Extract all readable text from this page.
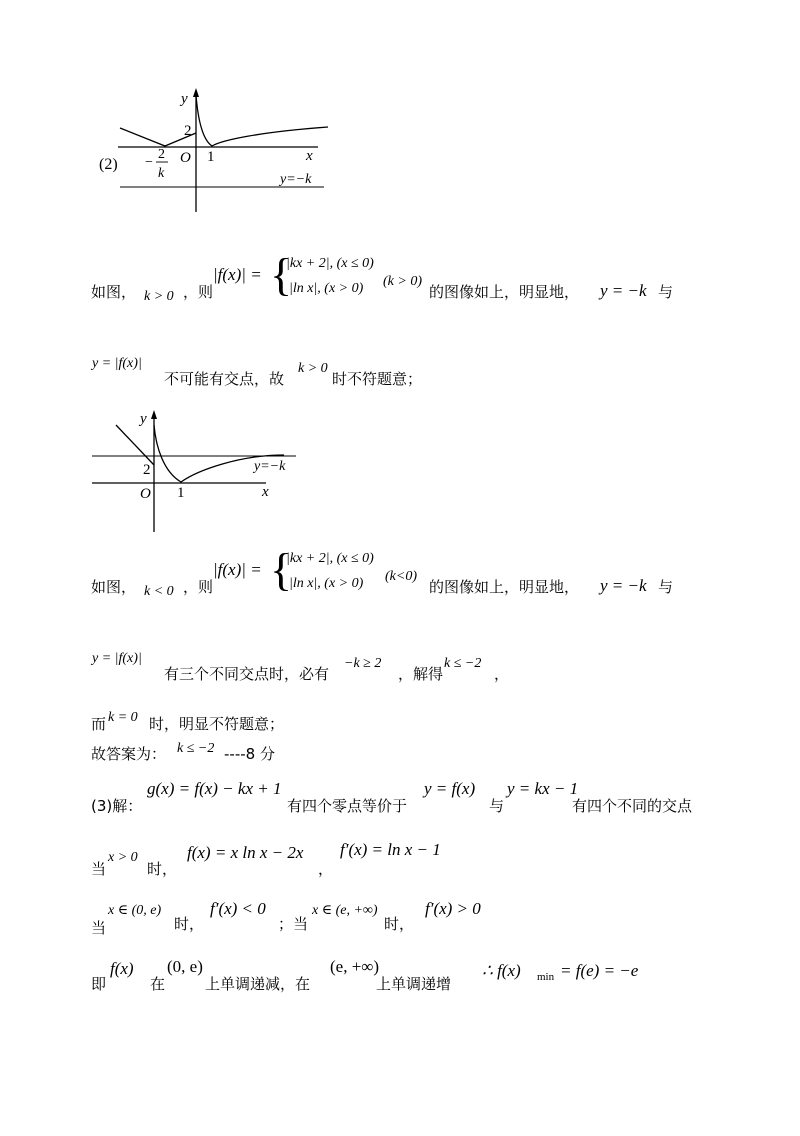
y
x
O
2
1
−
2
k	y=−k
(2)
如图， k > 0 ，则
|f(x)| = {
|kx + 2|, (x ≤ 0)
|ln x|, (x > 0) (k > 0)
的图像如上，明显地， y = −k 与
y = |f(x)|
不可能有交点，故
k > 0
时不符题意；
y
x
O
2
1
y=−k
如图， k < 0 ，则
|f(x)| = {
|kx + 2|, (x ≤ 0)
|ln x|, (x > 0) (k<0)
的图像如上，明显地， y = −k 与
y = |f(x)|
有三个不同交点时，必有
−k ≥ 2
，解得
k ≤ −2
，
而 k = 0 时，明显不符题意；
故答案为： k ≤ −2 ----8 分
(3)解：
g(x) = f(x) − kx + 1
有四个零点等价于
y = f(x)
与
y = kx − 1
有四个不同的交点
当
x > 0
时，
f(x) = x ln x − 2x
，
f′(x) = ln x − 1
当
x ∈ (0, e)
时，
f′(x) < 0
；当
x ∈ (e, +∞)
时，
f′(x) > 0
即
f(x)
在
(0, e)
上单调递减，在
(e, +∞)
上单调递增
∴ f(x) min = f(e) = −e
